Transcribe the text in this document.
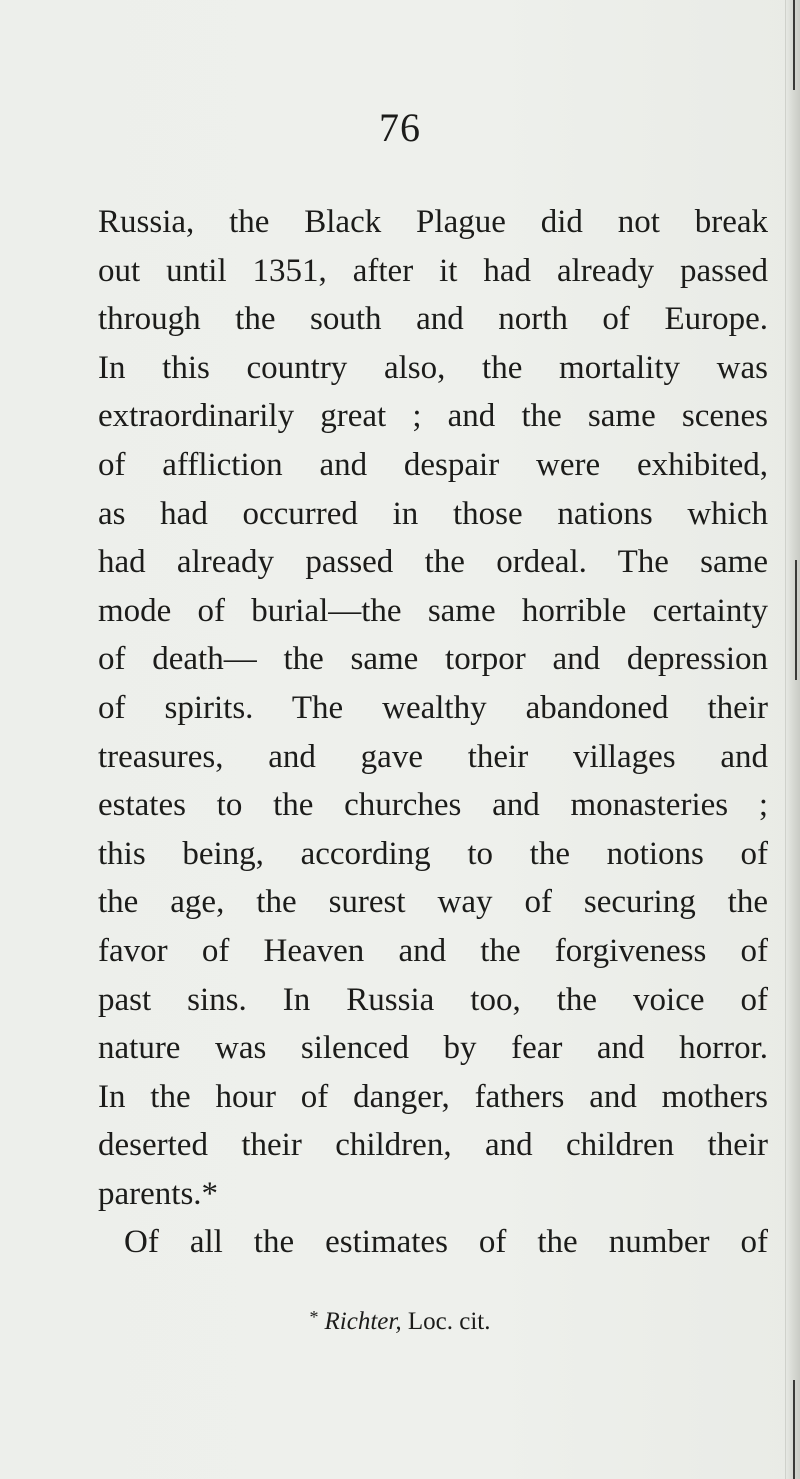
76
Russia, the Black Plague did not break
out until 1351, after it had already passed
through the south and north of Europe.
In this country also, the mortality was
extraordinarily great ; and the same scenes
of affliction and despair were exhibited,
as had occurred in those nations which
had already passed the ordeal. The same
mode of burial—the same horrible certainty
of death— the same torpor and depression
of spirits. The wealthy abandoned their
treasures, and gave their villages and
estates to the churches and monasteries ;
this being, according to the notions of
the age, the surest way of securing the
favor of Heaven and the forgiveness of
past sins. In Russia too, the voice of
nature was silenced by fear and horror.
In the hour of danger, fathers and mothers
deserted their children, and children their
parents.*
Of all the estimates of the number of
* Richter, Loc. cit.
